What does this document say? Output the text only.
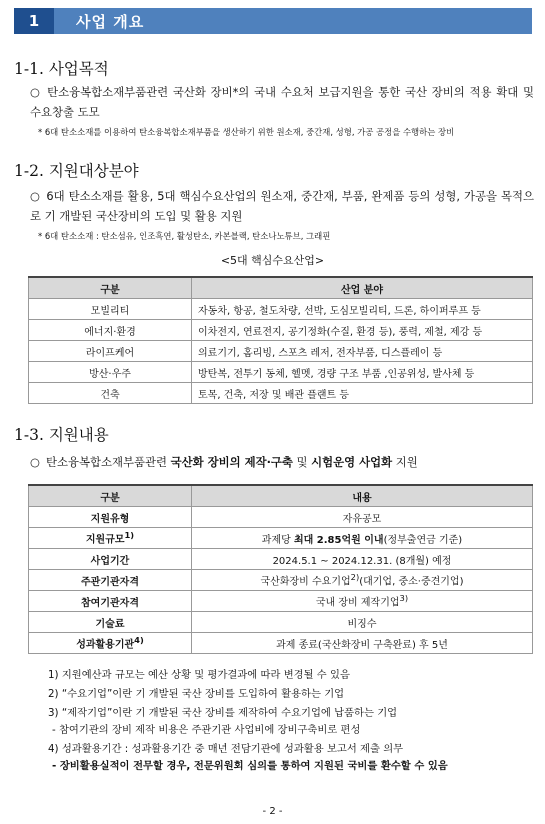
1	사업 개요
1-1. 사업목적
○ 탄소융복합소재부품관련 국산화 장비*의 국내 수요처 보급지원을 통한 국산 장비의 적용 확대 및 수요창출 도모
* 6대 탄소소재를 이용하여 탄소융복합소재부품을 생산하기 위한 원소재, 중간재, 성형, 가공 공정을 수행하는 장비
1-2. 지원대상분야
○ 6대 탄소소재를 활용, 5대 핵심수요산업의 원소재, 중간재, 부품, 완제품 등의 성형, 가공을 목적으로 기 개발된 국산장비의 도입 및 활용 지원
* 6대 탄소소재 : 탄소섬유, 인조흑연, 활성탄소, 카본블랙, 탄소나노튜브, 그래핀
<5대 핵심수요산업>
구분	산업 분야
모빌리티	자동차, 항공, 철도차량, 선박, 도심모빌리티, 드론, 하이퍼루프 등
에너지·환경	이차전지, 연료전지, 공기정화(수질, 환경 등), 풍력, 제철, 제강 등
라이프케어	의료기기, 홈리빙, 스포츠 레저, 전자부품, 디스플레이 등
방산·우주	방탄복, 전투기 동체, 헬멧, 경량 구조 부품 ,인공위성, 발사체 등
건축	토목, 건축, 저장 및 배관 플랜트 등
1-3. 지원내용
○ 탄소융복합소재부품관련 국산화 장비의 제작·구축 및 시험운영 사업화 지원
구분	내용
지원유형	자유공모
지원규모$^{1)}$	과제당 최대 2.85억원 이내(정부출연금 기준)
사업기간	2024.5.1 ~ 2024.12.31. (8개월) 예정
주관기관자격	국산화장비 수요기업$^{2)}$(대기업, 중소·중견기업)
참여기관자격	국내 장비 제작기업$^{3)}$
기술료	비징수
성과활용기관$^{4)}$	과제 종료(국산화장비 구축완료) 후 5년
1) 지원예산과 규모는 예산 상황 및 평가결과에 따라 변경될 수 있음
2) “수요기업”이란 기 개발된 국산 장비를 도입하여 활용하는 기업
3) “제작기업”이란 기 개발된 국산 장비를 제작하여 수요기업에 납품하는 기업
- 참여기관의 장비 제작 비용은 주관기관 사업비에 장비구축비로 편성
4) 성과활용기간 : 성과활용기간 중 매년 전담기관에 성과활용 보고서 제출 의무
- 장비활용실적이 전무할 경우, 전문위원회 심의를 통하여 지원된 국비를 환수할 수 있음
- 2 -
